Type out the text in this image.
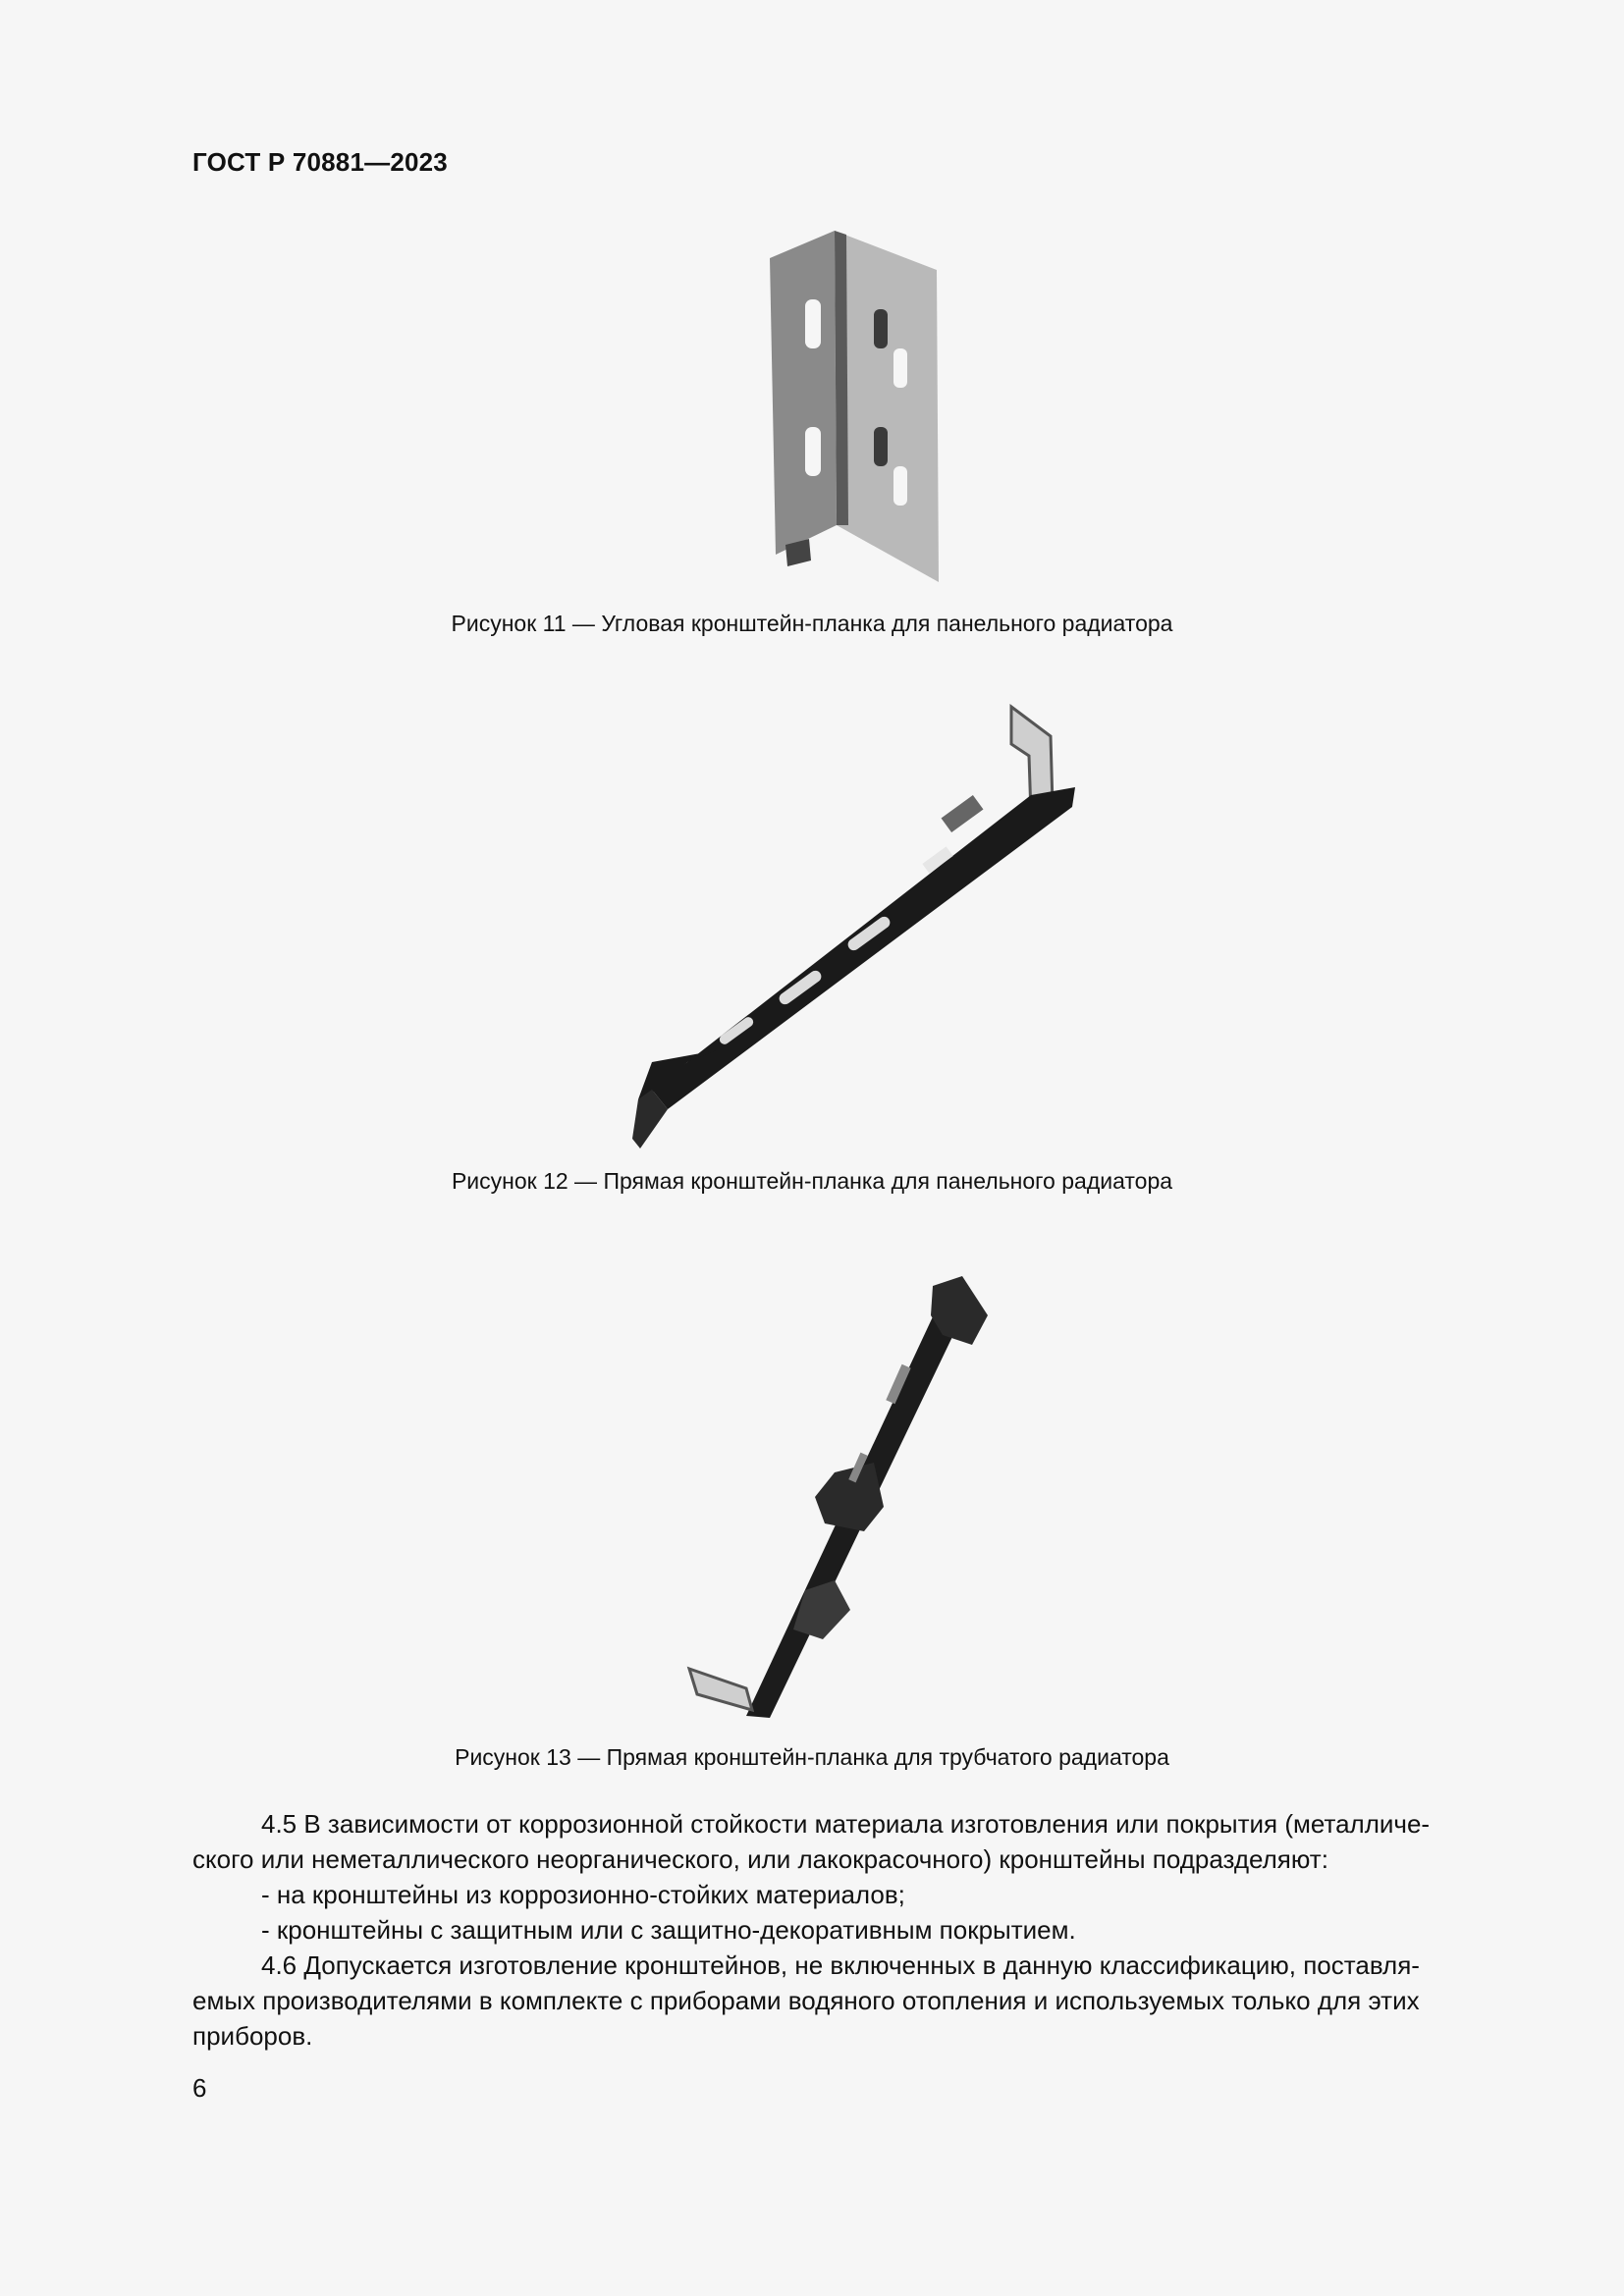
ГОСТ Р 70881—2023
Рисунок 11 — Угловая кронштейн-планка для панельного радиатора
Рисунок 12 — Прямая кронштейн-планка для панельного радиатора
Рисунок 13 — Прямая кронштейн-планка для трубчатого радиатора

4.5 В зависимости от коррозионной стойкости материала изготовления или покрытия (металличе-

ского или неметаллического неорганического, или лакокрасочного) кронштейны подразделяют:

- на кронштейны из коррозионно-стойких материалов;

- кронштейны с защитным или с защитно-декоративным покрытием.

4.6 Допускается изготовление кронштейнов, не включенных в данную классификацию, поставля-

емых производителями в комплекте с приборами водяного отопления и используемых только для этих

приборов.

6
